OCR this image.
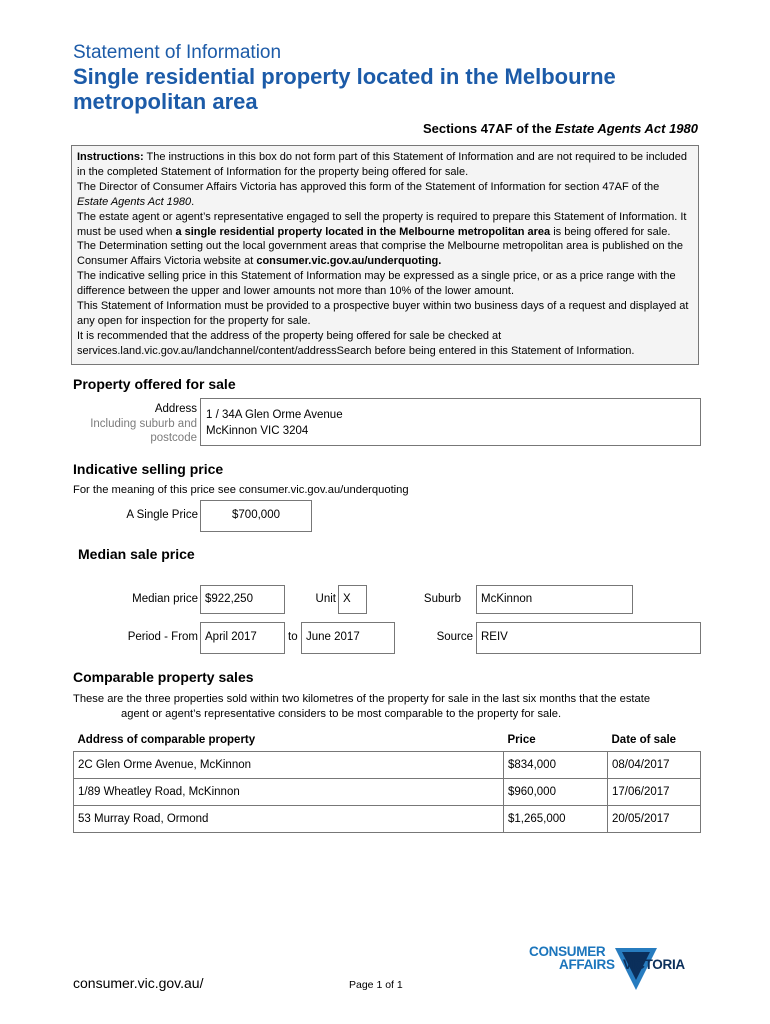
Statement of Information
Single residential property located in the Melbourne metropolitan area
Sections 47AF of the Estate Agents Act 1980

Instructions: The instructions in this box do not form part of this Statement of Information and are not required to be included in the completed Statement of Information for the property being offered for sale.

The Director of Consumer Affairs Victoria has approved this form of the Statement of Information for section 47AF of the Estate Agents Act 1980.

The estate agent or agent’s representative engaged to sell the property is required to prepare this Statement of Information. It must be used when a single residential property located in the Melbourne metropolitan area is being offered for sale. The Determination setting out the local government areas that comprise the Melbourne metropolitan area is published on the Consumer Affairs Victoria website at consumer.vic.gov.au/underquoting.

The indicative selling price in this Statement of Information may be expressed as a single price, or as a price range with the difference between the upper and lower amounts not more than 10% of the lower amount.

This Statement of Information must be provided to a prospective buyer within two business days of a request and displayed at any open for inspection for the property for sale.

It is recommended that the address of the property being offered for sale be checked at services.land.vic.gov.au/landchannel/content/addressSearch before being entered in this Statement of Information.

Property offered for sale
Address
Including suburb and
postcode
1 / 34A Glen Orme Avenue
McKinnon VIC 3204
Indicative selling price
For the meaning of this price see consumer.vic.gov.au/underquoting
A Single Price	$700,000
Median sale price
Median price $922,250	Unit X	Suburb	McKinnon
Period - From April 2017	to June 2017	Source REIV
Comparable property sales
These are the three properties sold within two kilometres of the property for sale in the last six months that the estate
agent or agent’s representative considers to be most comparable to the property for sale.
Address of comparable property	Price	Date of sale
2C Glen Orme Avenue, McKinnon	$834,000	08/04/2017
1/89 Wheatley Road, McKinnon	$960,000	17/06/2017
53 Murray Road, Ormond	$1,265,000	20/05/2017
consumer.vic.gov.au/	Page 1 of 1
CONSUMER
AFFAIRS VICTORIA
